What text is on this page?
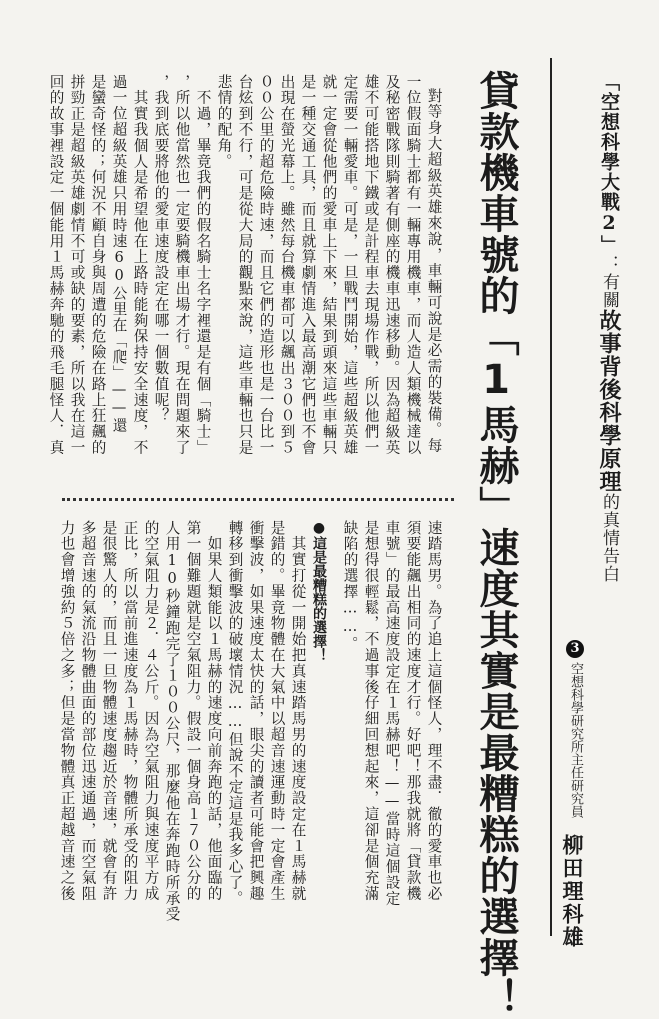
「空想科學大戰2」：有關故事背後科學原理的真情告白
3空想科學研究所主任研究員
柳田理科雄
貸款機車號的「1馬赫」速度其實是最糟糕的選擇！
對等身大超級英雄來說，車輛可說是必需的裝備。每
一位假面騎士都有一輛專用機車，而人造人類機械達以
及秘密戰隊則騎著有側座的機車迅速移動。因為超級英
雄不可能搭地下鐵或是計程車去現場作戰，所以他們一
定需要一輛愛車。可是，一旦戰鬥開始，這些超級英雄
就一定會從他們的愛車上下來，結果到頭來這些車輛只
是一種交通工具，而且就算劇情進入最高潮它們也不會
出現在螢光幕上。雖然每台機車都可以飆出３００到５
００公里的超危險時速，而且它們的造形也是一台比一
台炫到不行，可是從大局的觀點來說，這些車輛也只是
悲情的配角。
　不過，畢竟我們的假名騎士名字裡還是有個「騎士」
，所以他當然也一定要騎機車出場才行。現在問題來了
，我到底要將他的愛車速度設定在哪一個數值呢？
　其實我個人是希望他在上路時能夠保持安全速度，不
過一位超級英雄只用時速60公里在「爬」——還
是蠻奇怪的；何況不顧自身與周遭的危險在路上狂飆的
拼勁正是超級英雄劇情不可或缺的要素，所以我在這一
回的故事裡設定一個能用１馬赫奔馳的飛毛腿怪人．真
速踏馬男。為了追上這個怪人，理不盡．徹的愛車也必
須要能飆出相同的速度才行。好吧！那我就將「貸款機
車號」的最高速度設定在１馬赫吧！——當時這個設定
是想得很輕鬆，不過事後仔細回想起來，這卻是個充滿
缺陷的選擇……。
●這是最糟糕的選擇！
　其實打從一開始把真速踏馬男的速度設定在１馬赫就
是錯的。畢竟物體在大氣中以超音速運動時一定會產生
衝擊波，如果速度太快的話，眼尖的讀者可能會把興趣
轉移到衝擊波的破壞情況……但說不定這是我多心了。
　如果人類能以１馬赫的速度向前奔跑的話，他面臨的
第一個難題就是空氣阻力。假設一個身高１７０公分的
人用10秒鐘跑完了１００公尺，那麼他在奔跑時所承受
的空氣阻力是２．４公斤。因為空氣阻力與速度平方成
正比，所以當前進速度為１馬赫時，物體所承受的阻力
是很驚人的，而且一旦物體速度趨近於音速，就會有許
多超音速的氣流沿物體曲面的部位迅速通過，而空氣阻
力也會增強約５倍之多；但是當物體真正超越音速之後
